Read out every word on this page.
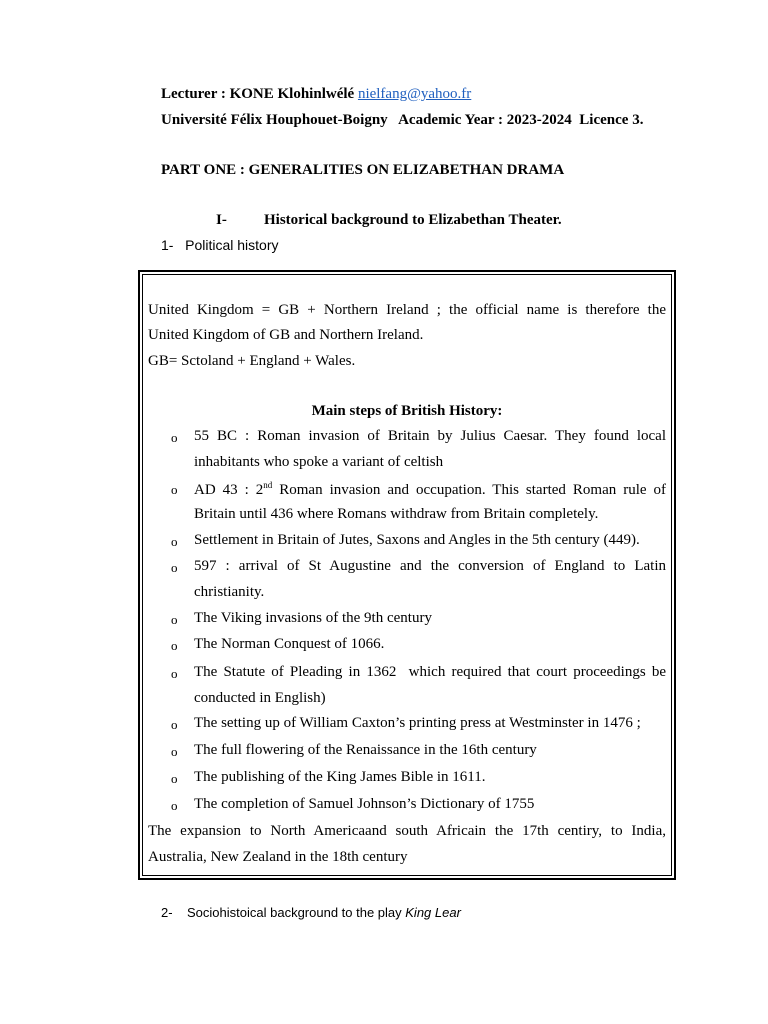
Lecturer : KONE Klohinlwélé nielfang@yahoo.fr
Université Félix Houphouet-Boigny   Academic Year : 2023-2024  Licence 3.
PART ONE : GENERALITIES ON ELIZABETHAN DRAMA
I- Historical background to Elizabethan Theater.
1-   Political history
United Kingdom = GB + Northern Ireland ; the official name is therefore the
United Kingdom of GB and Northern Ireland.
GB= Sctoland + England + Wales.
Main steps of British History:
o 55 BC : Roman invasion of Britain by Julius Caesar. They found local
inhabitants who spoke a variant of celtish
o AD 43 : 2nd Roman invasion and occupation. This started Roman rule of
Britain until 436 where Romans withdraw from Britain completely.
o Settlement in Britain of Jutes, Saxons and Angles in the 5th century (449).
o 597 : arrival of St Augustine and the conversion of England to Latin
christianity.
o The Viking invasions of the 9th century
o The Norman Conquest of 1066.
o The Statute of Pleading in 1362  which required that court proceedings be
conducted in English)
o The setting up of William Caxton’s printing press at Westminster in 1476 ;
o The full flowering of the Renaissance in the 16th century
o The publishing of the King James Bible in 1611.
o The completion of Samuel Johnson’s Dictionary of 1755
The expansion to North Americaand south Africain the 17th centiry, to India,
Australia, New Zealand in the 18th century
2-    Sociohistoical background to the play King Lear
